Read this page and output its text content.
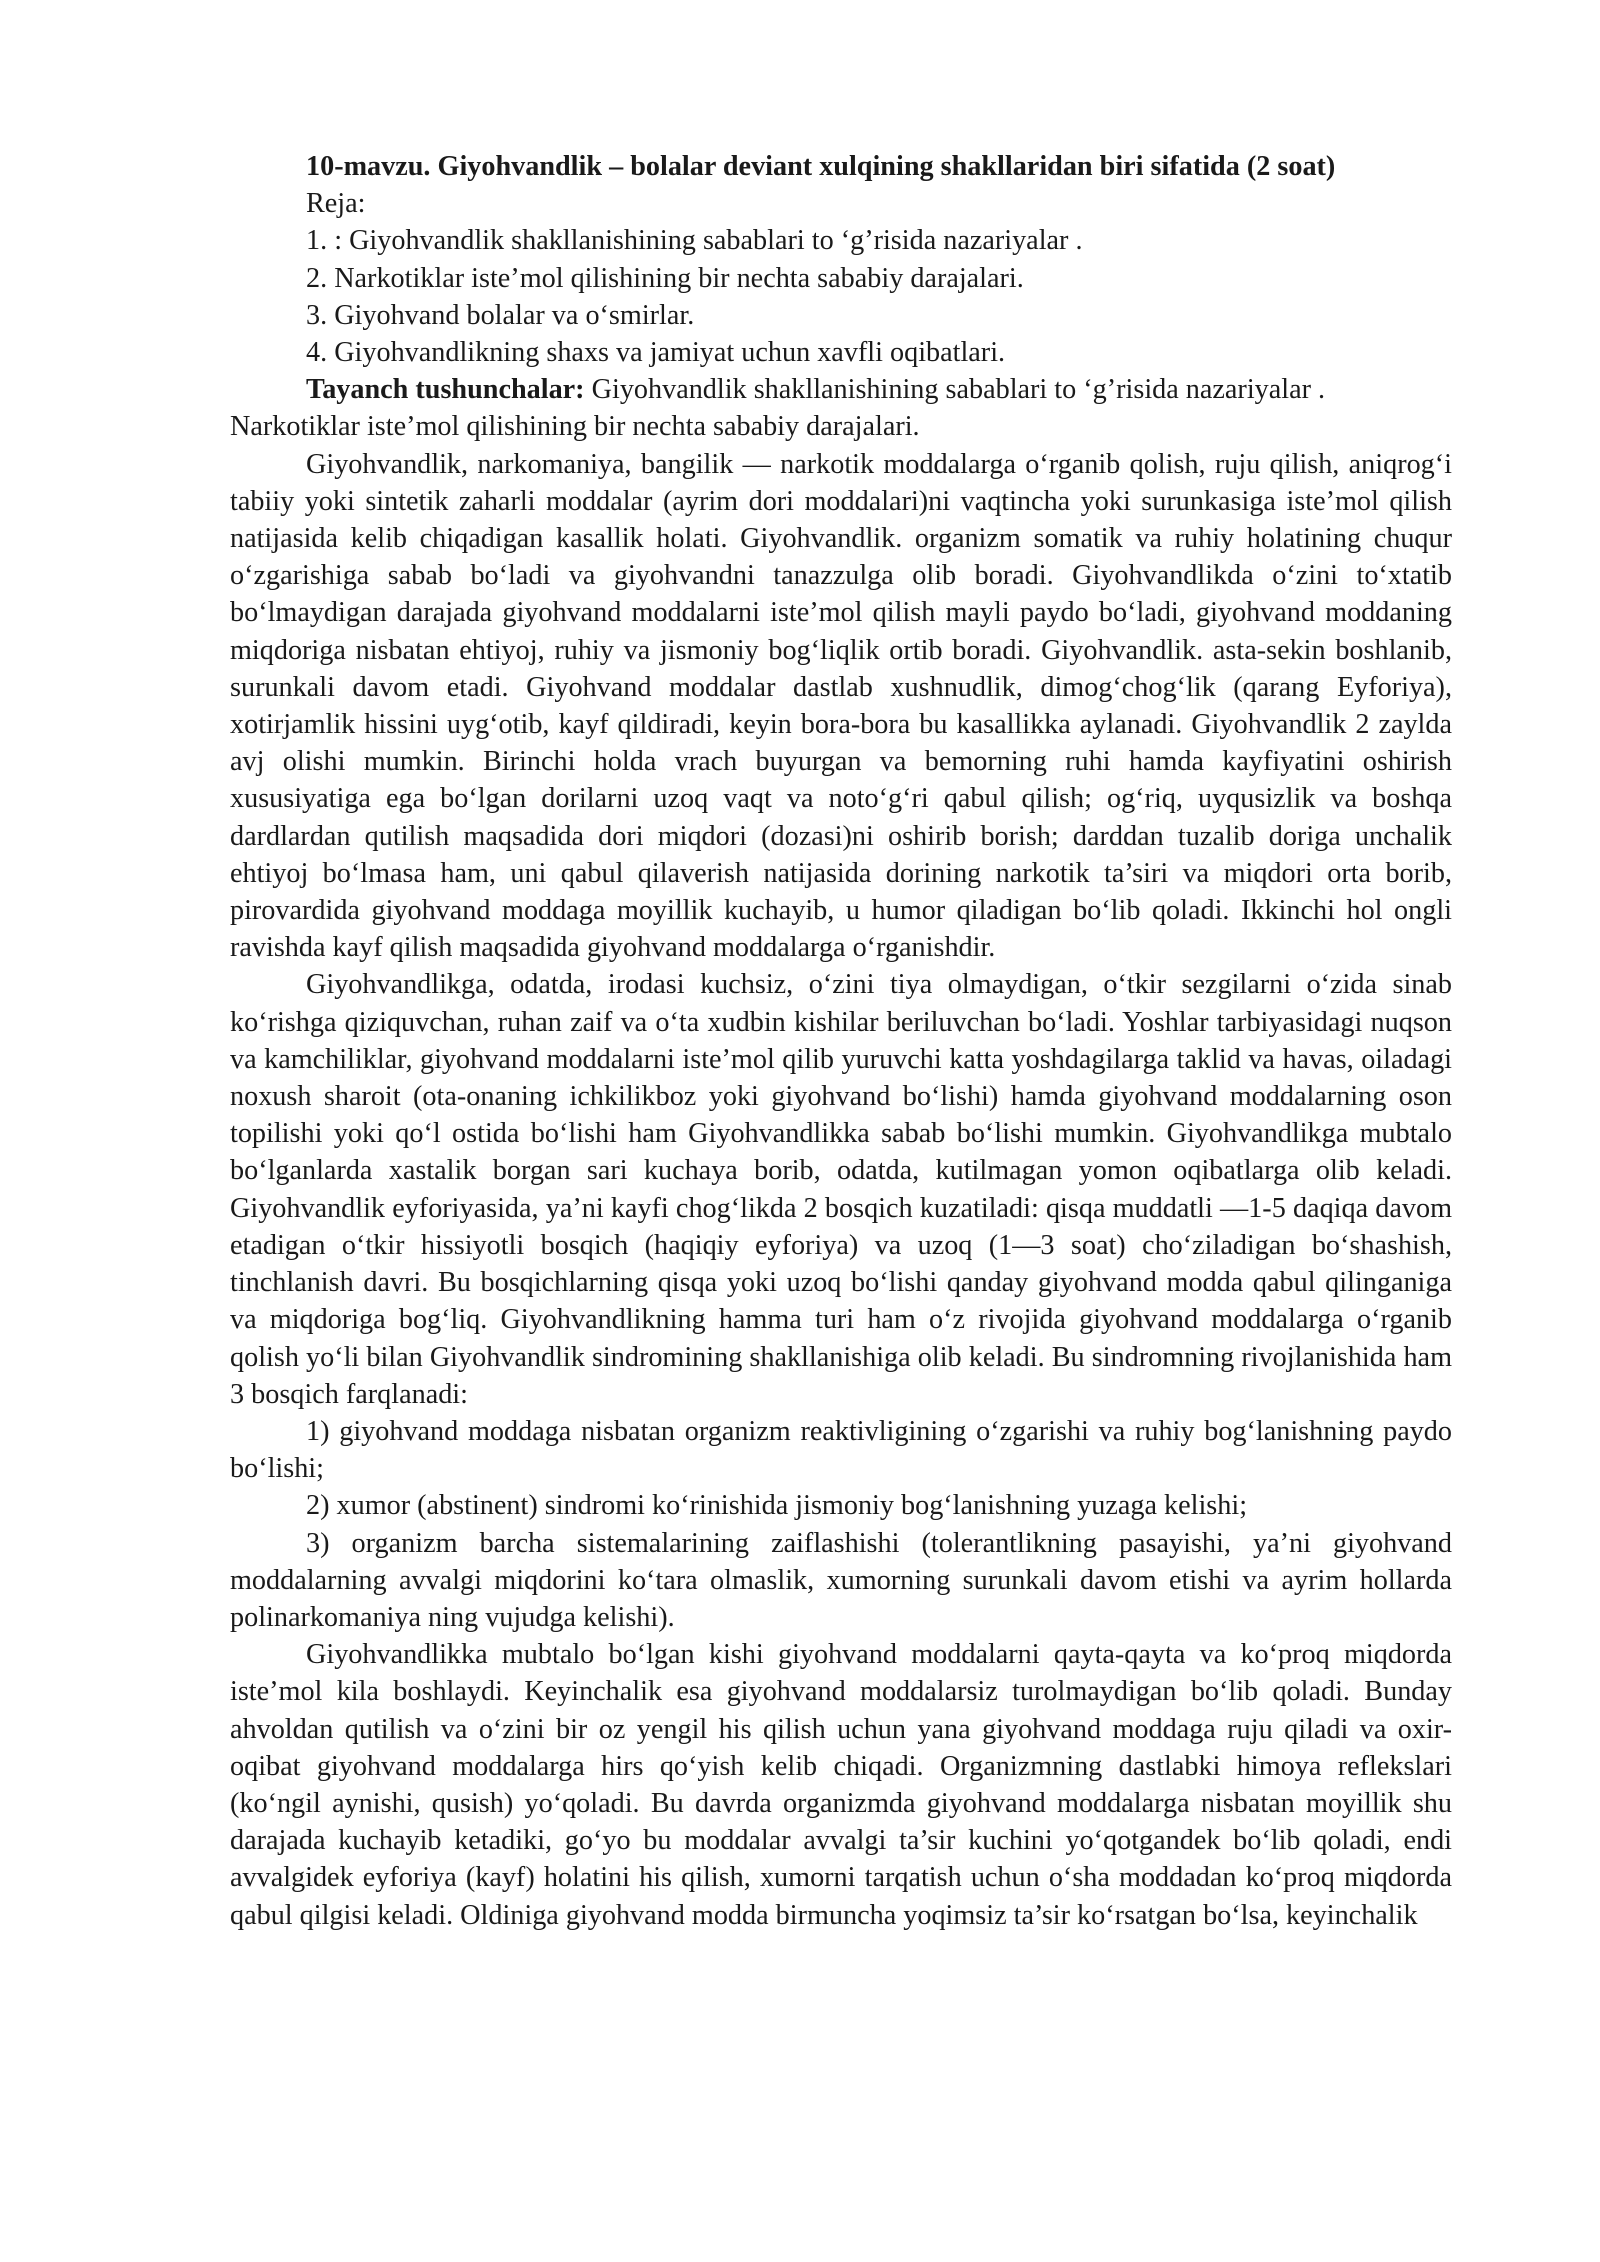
10-mavzu. Giyohvandlik – bolalar deviant xulqining shakllaridan biri sifatida (2 soat)

Reja:

1. : Giyohvandlik shakllanishining sabablari to ‘g’risida nazariyalar .

2. Narkotiklar iste’mol qilishining bir nechta sababiy darajalari.

3. Giyohvand bolalar va o‘smirlar.

4. Giyohvandlikning shaxs va jamiyat uchun xavfli oqibatlari.

Tayanch tushunchalar: Giyohvandlik shakllanishining sabablari to ‘g’risida nazariyalar . Narkotiklar iste’mol qilishining bir nechta sababiy darajalari.

Giyohvandlik, narkomaniya, bangilik — narkotik moddalarga o‘rganib qolish, ruju qilish, aniqrog‘i tabiiy yoki sintetik zaharli moddalar (ayrim dori moddalari)ni vaqtincha yoki surunkasiga iste’mol qilish natijasida kelib chiqadigan kasallik holati. Giyohvandlik. organizm somatik va ruhiy holatining chuqur o‘zgarishiga sabab bo‘ladi va giyohvandni tanazzulga olib boradi. Giyohvandlikda o‘zini to‘xtatib bo‘lmaydigan darajada giyohvand moddalarni iste’mol qilish mayli paydo bo‘ladi, giyohvand moddaning miqdoriga nisbatan ehtiyoj, ruhiy va jismoniy bog‘liqlik ortib boradi. Giyohvandlik. asta-sekin boshlanib, surunkali davom etadi. Giyohvand moddalar dastlab xushnudlik, dimog‘chog‘lik (qarang Eyforiya), xotirjamlik hissini uyg‘otib, kayf qildiradi, keyin bora-bora bu kasallikka aylanadi. Giyohvandlik 2 zaylda avj olishi mumkin. Birinchi holda vrach buyurgan va bemorning ruhi hamda kayfiyatini oshirish xususiyatiga ega bo‘lgan dorilarni uzoq vaqt va noto‘g‘ri qabul qilish; og‘riq, uyqusizlik va boshqa dardlardan qutilish maqsadida dori miqdori (dozasi)ni oshirib borish; darddan tuzalib doriga unchalik ehtiyoj bo‘lmasa ham, uni qabul qilaverish natijasida dorining narkotik ta’siri va miqdori orta borib, pirovardida giyohvand moddaga moyillik kuchayib, u humor qiladigan bo‘lib qoladi. Ikkinchi hol ongli ravishda kayf qilish maqsadida giyohvand moddalarga o‘rganishdir.

Giyohvandlikga, odatda, irodasi kuchsiz, o‘zini tiya olmaydigan, o‘tkir sezgilarni o‘zida sinab ko‘rishga qiziquvchan, ruhan zaif va o‘ta xudbin kishilar beriluvchan bo‘ladi. Yoshlar tarbiyasidagi nuqson va kamchiliklar, giyohvand moddalarni iste’mol qilib yuruvchi katta yoshdagilarga taklid va havas, oiladagi noxush sharoit (ota-onaning ichkilikboz yoki giyohvand bo‘lishi) hamda giyohvand moddalarning oson topilishi yoki qo‘l ostida bo‘lishi ham Giyohvandlikka sabab bo‘lishi mumkin. Giyohvandlikga mubtalo bo‘lganlarda xastalik borgan sari kuchaya borib, odatda, kutilmagan yomon oqibatlarga olib keladi. Giyohvandlik eyforiyasida, ya’ni kayfi chog‘likda 2 bosqich kuzatiladi: qisqa muddatli —1-5 daqiqa davom etadigan o‘tkir hissiyotli bosqich (haqiqiy eyforiya) va uzoq (1—3 soat) cho‘ziladigan bo‘shashish, tinchlanish davri. Bu bosqichlarning qisqa yoki uzoq bo‘lishi qanday giyohvand modda qabul qilinganiga va miqdoriga bog‘liq. Giyohvandlikning hamma turi ham o‘z rivojida giyohvand moddalarga o‘rganib qolish yo‘li bilan Giyohvandlik sindromining shakllanishiga olib keladi. Bu sindromning rivojlanishida ham 3 bosqich farqlanadi:

1) giyohvand moddaga nisbatan organizm reaktivligining o‘zgarishi va ruhiy bog‘lanishning paydo bo‘lishi;

2) xumor (abstinent) sindromi ko‘rinishida jismoniy bog‘lanishning yuzaga kelishi;

3) organizm barcha sistemalarining zaiflashishi (tolerantlikning pasayishi, ya’ni giyohvand moddalarning avvalgi miqdorini ko‘tara olmaslik, xumorning surunkali davom etishi va ayrim hollarda polinarkomaniya ning vujudga kelishi).

Giyohvandlikka mubtalo bo‘lgan kishi giyohvand moddalarni qayta-qayta va ko‘proq miqdorda iste’mol kila boshlaydi. Keyinchalik esa giyohvand moddalarsiz turolmaydigan bo‘lib qoladi. Bunday ahvoldan qutilish va o‘zini bir oz yengil his qilish uchun yana giyohvand moddaga ruju qiladi va oxir-oqibat giyohvand moddalarga hirs qo‘yish kelib chiqadi. Organizmning dastlabki himoya reflekslari (ko‘ngil aynishi, qusish) yo‘qoladi. Bu davrda organizmda giyohvand moddalarga nisbatan moyillik shu darajada kuchayib ketadiki, go‘yo bu moddalar avvalgi ta’sir kuchini yo‘qotgandek bo‘lib qoladi, endi avvalgidek eyforiya (kayf) holatini his qilish, xumorni tarqatish uchun o‘sha moddadan ko‘proq miqdorda qabul qilgisi keladi. Oldiniga giyohvand modda birmuncha yoqimsiz ta’sir ko‘rsatgan bo‘lsa, keyinchalik
